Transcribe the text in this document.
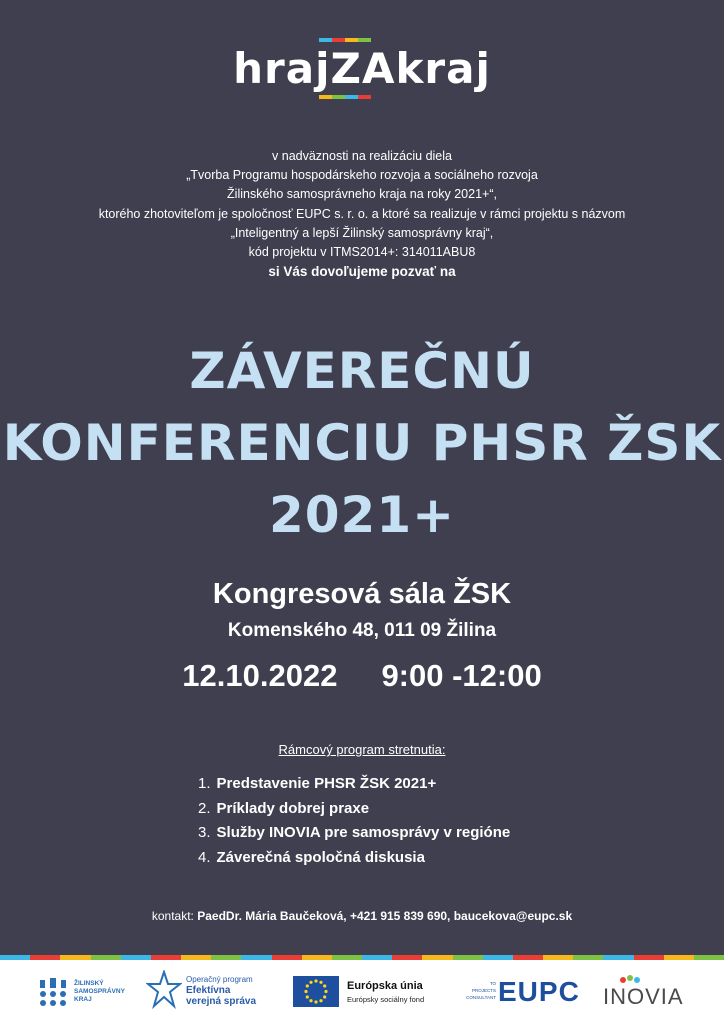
hrajZAkraj
v nadväznosti na realizáciu diela
„Tvorba Programu hospodárskeho rozvoja a sociálneho rozvoja
Žilinského samosprávneho kraja na roky 2021+“,
ktorého zhotoviteľom je spoločnosť EUPC s. r. o. a ktoré sa realizuje v rámci projektu s názvom
„Inteligentný a lepší Žilinský samosprávny kraj“,
kód projektu v ITMS2014+: 314011ABU8
si Vás dovoľujeme pozvať na
ZÁVEREČNÚ
KONFERENCIU PHSR ŽSK
2021+
Kongresová sála ŽSK
Komenského 48, 011 09 Žilina
12.10.2022 9:00 -12:00
Rámcový program stretnutia:
1. Predstavenie PHSR ŽSK 2021+
2. Príklady dobrej praxe
3. Služby INOVIA pre samosprávy v regióne
4. Záverečná spoločná diskusia
kontakt: PaedDr. Mária Baučeková, +421 915 839 690, baucekova@eupc.sk
ŽILINSKÝ
SAMOSPRÁVNY
KRAJ
Operačný program
Efektívna
verejná správa
Európska únia
Európsky sociálny fond
TO
PROJECTS
CONSULTANT EUPC INOVIA
